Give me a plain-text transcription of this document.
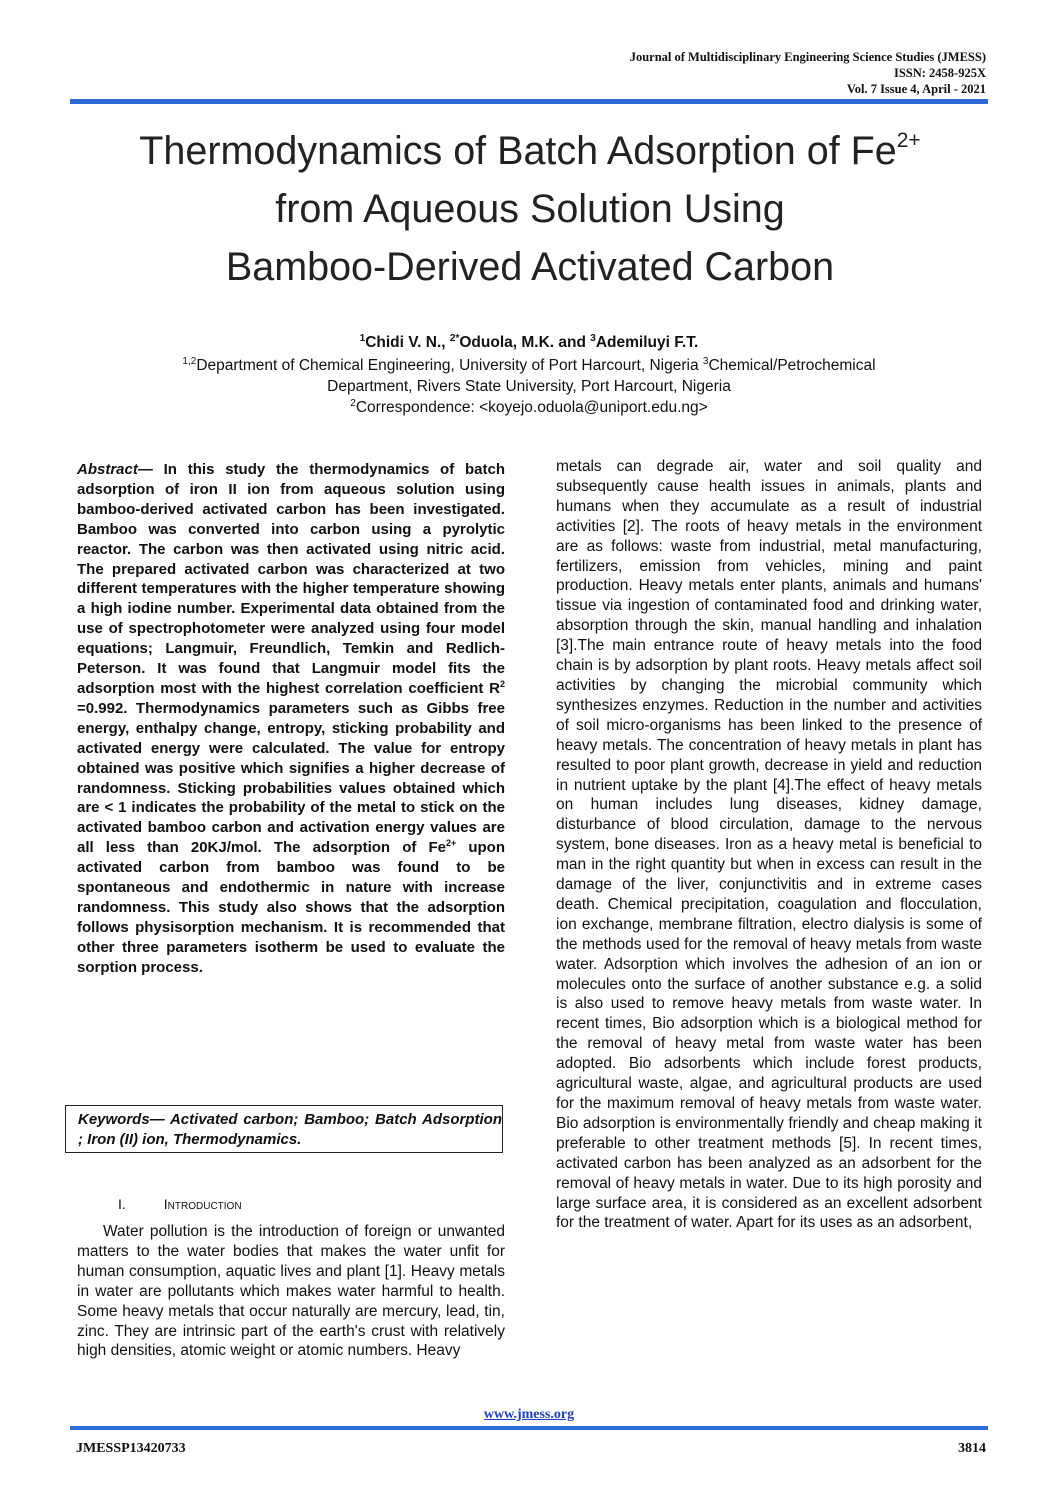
Journal of Multidisciplinary Engineering Science Studies (JMESS)
ISSN: 2458-925X
Vol. 7 Issue 4, April - 2021
Thermodynamics of Batch Adsorption of $Fe^{2+}$
from Aqueous Solution Using
Bamboo-Derived Activated Carbon
$^1$Chidi V. N., $^{2*}$Oduola, M.K. and $^3$Ademiluyi F.T.
$^{1,2}$Department of Chemical Engineering, University of Port Harcourt, Nigeria $^3$Chemical/Petrochemical
Department, Rivers State University, Port Harcourt, Nigeria
$^2$Correspondence: <koyejo.oduola@uniport.edu.ng>
Abstract— In this study the thermodynamics of batch adsorption of iron II ion from aqueous solution using bamboo-derived activated carbon has been investigated. Bamboo was converted into carbon using a pyrolytic reactor. The carbon was then activated using nitric acid. The prepared activated carbon was characterized at two different temperatures with the higher temperature showing a high iodine number. Experimental data obtained from the use of spectrophotometer were analyzed using four model equations; Langmuir, Freundlich, Temkin and Redlich-Peterson. It was found that Langmuir model fits the adsorption most with the highest correlation coefficient $R^2 =0.992$. Thermodynamics parameters such as Gibbs free energy, enthalpy change, entropy, sticking probability and activated energy were calculated. The value for entropy obtained was positive which signifies a higher decrease of randomness. Sticking probabilities values obtained which are < 1 indicates the probability of the metal to stick on the activated bamboo carbon and activation energy values are all less than 20KJ/mol. The adsorption of $Fe^{2+}$ upon activated carbon from bamboo was found to be spontaneous and endothermic in nature with increase randomness. This study also shows that the adsorption follows physisorption mechanism. It is recommended that other three parameters isotherm be used to evaluate the sorption process.
Keywords— Activated carbon; Bamboo; Batch Adsorption ; Iron (II) ion, Thermodynamics.
I.	Introduction
Water pollution is the introduction of foreign or unwanted matters to the water bodies that makes the water unfit for human consumption, aquatic lives and plant [1]. Heavy metals in water are pollutants which makes water harmful to health. Some heavy metals that occur naturally are mercury, lead, tin, zinc. They are intrinsic part of the earth's crust with relatively high densities, atomic weight or atomic numbers. Heavy
metals can degrade air, water and soil quality and subsequently cause health issues in animals, plants and humans when they accumulate as a result of industrial activities [2]. The roots of heavy metals in the environment are as follows: waste from industrial, metal manufacturing, fertilizers, emission from vehicles, mining and paint production. Heavy metals enter plants, animals and humans' tissue via ingestion of contaminated food and drinking water, absorption through the skin, manual handling and inhalation [3].The main entrance route of heavy metals into the food chain is by adsorption by plant roots. Heavy metals affect soil activities by changing the microbial community which synthesizes enzymes. Reduction in the number and activities of soil micro-organisms has been linked to the presence of heavy metals. The concentration of heavy metals in plant has resulted to poor plant growth, decrease in yield and reduction in nutrient uptake by the plant [4].The effect of heavy metals on human includes lung diseases, kidney damage, disturbance of blood circulation, damage to the nervous system, bone diseases. Iron as a heavy metal is beneficial to man in the right quantity but when in excess can result in the damage of the liver, conjunctivitis and in extreme cases death. Chemical precipitation, coagulation and flocculation, ion exchange, membrane filtration, electro dialysis is some of the methods used for the removal of heavy metals from waste water. Adsorption which involves the adhesion of an ion or molecules onto the surface of another substance e.g. a solid is also used to remove heavy metals from waste water. In recent times, Bio adsorption which is a biological method for the removal of heavy metal from waste water has been adopted. Bio adsorbents which include forest products, agricultural waste, algae, and agricultural products are used for the maximum removal of heavy metals from waste water. Bio adsorption is environmentally friendly and cheap making it preferable to other treatment methods [5]. In recent times, activated carbon has been analyzed as an adsorbent for the removal of heavy metals in water. Due to its high porosity and large surface area, it is considered as an excellent adsorbent for the treatment of water. Apart for its uses as an adsorbent,
www.jmess.org
JMESSP13420733	3814
